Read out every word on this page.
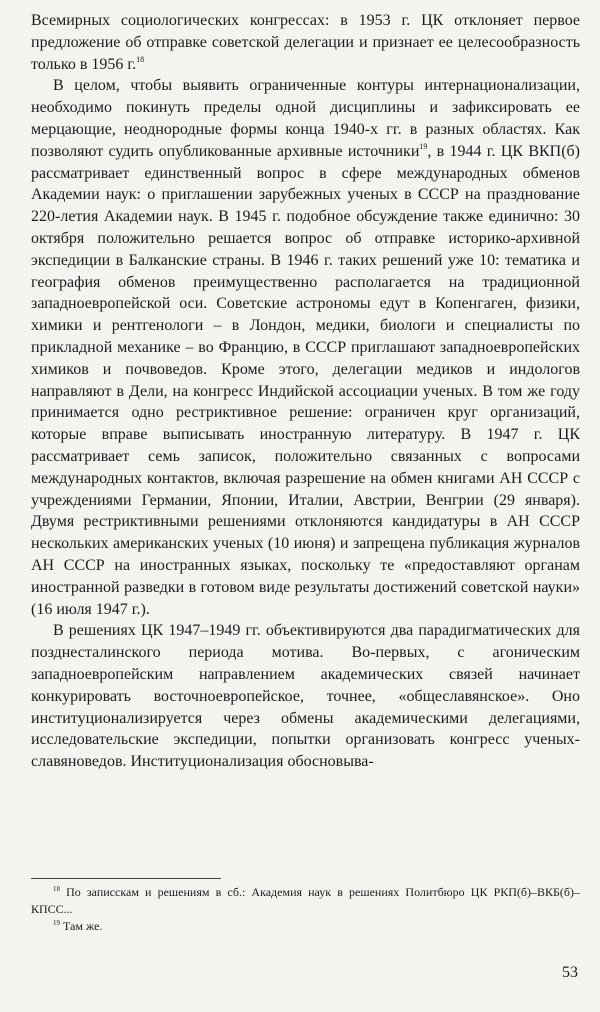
Всемирных социологических конгрессах: в 1953 г. ЦК отклоняет первое предложение об отправке советской делегации и признает ее целесообразность только в 1956 г.$^{18}$

В целом, чтобы выявить ограниченные контуры интернационализации, необходимо покинуть пределы одной дисциплины и зафиксировать ее мерцающие, неоднородные формы конца 1940-х гг. в разных областях. Как позволяют судить опубликованные архивные источники$^{19}$, в 1944 г. ЦК ВКП(б) рассматривает единственный вопрос в сфере международных обменов Академии наук: о приглашении зарубежных ученых в СССР на празднование 220-летия Академии наук. В 1945 г. подобное обсуждение также единично: 30 октября положительно решается вопрос об отправке историко-архивной экспедиции в Балканские страны. В 1946 г. таких решений уже 10: тематика и география обменов преимущественно располагается на традиционной западноевропейской оси. Советские астрономы едут в Копенгаген, физики, химики и рентгенологи – в Лондон, медики, биологи и специалисты по прикладной механике – во Францию, в СССР приглашают западноевропейских химиков и почвоведов. Кроме этого, делегации медиков и индологов направляют в Дели, на конгресс Индийской ассоциации ученых. В том же году принимается одно рестриктивное решение: ограничен круг организаций, которые вправе выписывать иностранную литературу. В 1947 г. ЦК рассматривает семь записок, положительно связанных с вопросами международных контактов, включая разрешение на обмен книгами АН СССР с учреждениями Германии, Японии, Италии, Австрии, Венгрии (29 января). Двумя рестриктивными решениями отклоняются кандидатуры в АН СССР нескольких американских ученых (10 июня) и запрещена публикация журналов АН СССР на иностранных языках, поскольку те «предоставляют органам иностранной разведки в готовом виде результаты достижений советской науки» (16 июля 1947 г.).

В решениях ЦК 1947–1949 гг. объективируются два парадигматических для позднесталинского периода мотива. Во-первых, с агоническим западноевропейским направлением академических связей начинает конкурировать восточноевропейское, точнее, «общеславянское». Оно институционализируется через обмены академическими делегациями, исследовательские экспедиции, попытки организовать конгресс ученых-славяноведов. Институционализация обосновыва-

$^{18}$ По записскам и решениям в сб.: Академия наук в решениях Политбюро ЦК РКП(б)–ВКБ(б)–КПСС...

$^{19}$ Там же.

53
